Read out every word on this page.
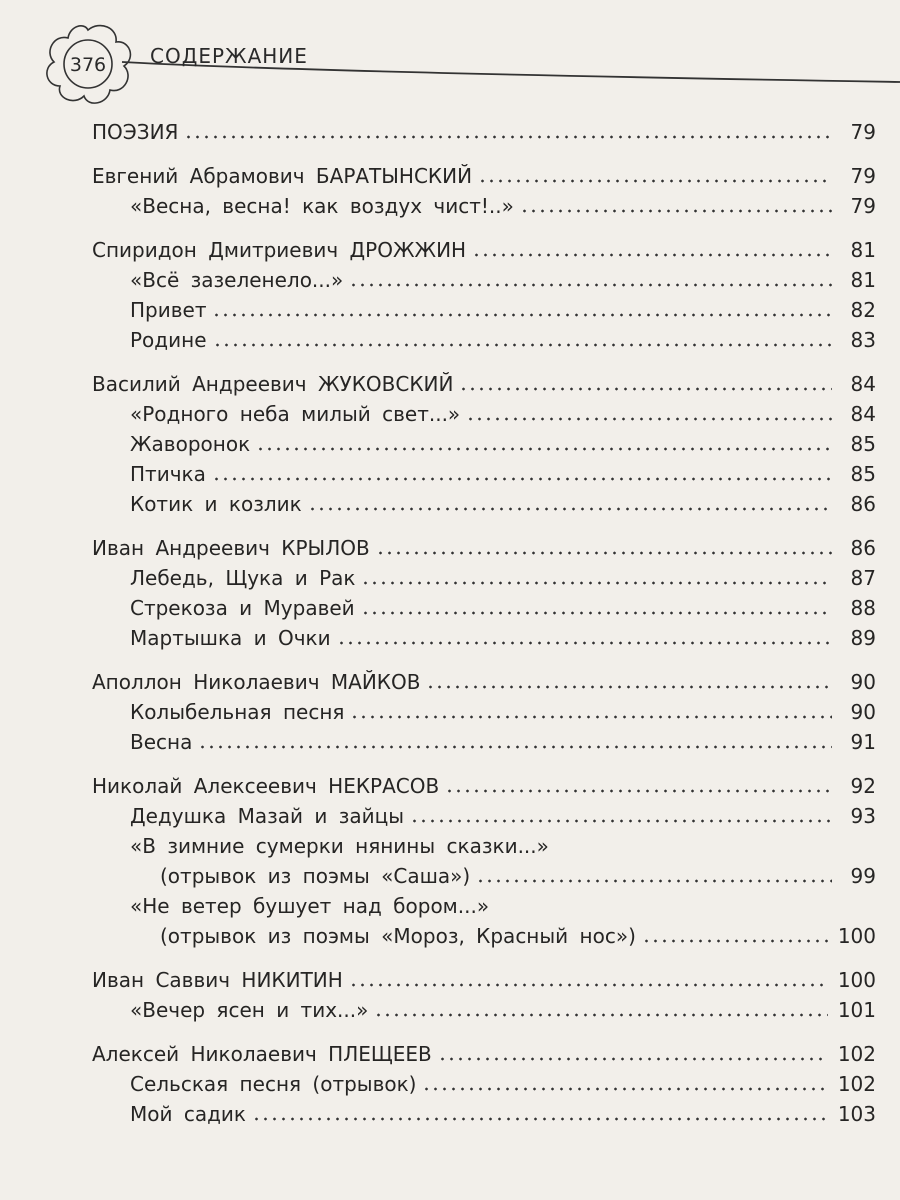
376	СОДЕРЖАНИЕ
ПОЭЗИЯ	79
Евгений Абрамович БАРАТЫНСКИЙ	79
«Весна, весна! как воздух чист!..»	79
Спиридон Дмитриевич ДРОЖЖИН	81
«Всё зазеленело...»	81
Привет	82
Родине	83
Василий Андреевич ЖУКОВСКИЙ	84
«Родного неба милый свет...»	84
Жаворонок	85
Птичка	85
Котик и козлик	86
Иван Андреевич КРЫЛОВ	86
Лебедь, Щука и Рак	87
Стрекоза и Муравей	88
Мартышка и Очки	89
Аполлон Николаевич МАЙКОВ	90
Колыбельная песня	90
Весна	91
Николай Алексеевич НЕКРАСОВ	92
Дедушка Мазай и зайцы	93
«В зимние сумерки нянины сказки...»
(отрывок из поэмы «Саша»)	99
«Не ветер бушует над бором...»
(отрывок из поэмы «Мороз, Красный нос»)	100
Иван Саввич НИКИТИН	100
«Вечер ясен и тих...»	101
Алексей Николаевич ПЛЕЩЕЕВ	102
Сельская песня (отрывок)	102
Мой садик	103
